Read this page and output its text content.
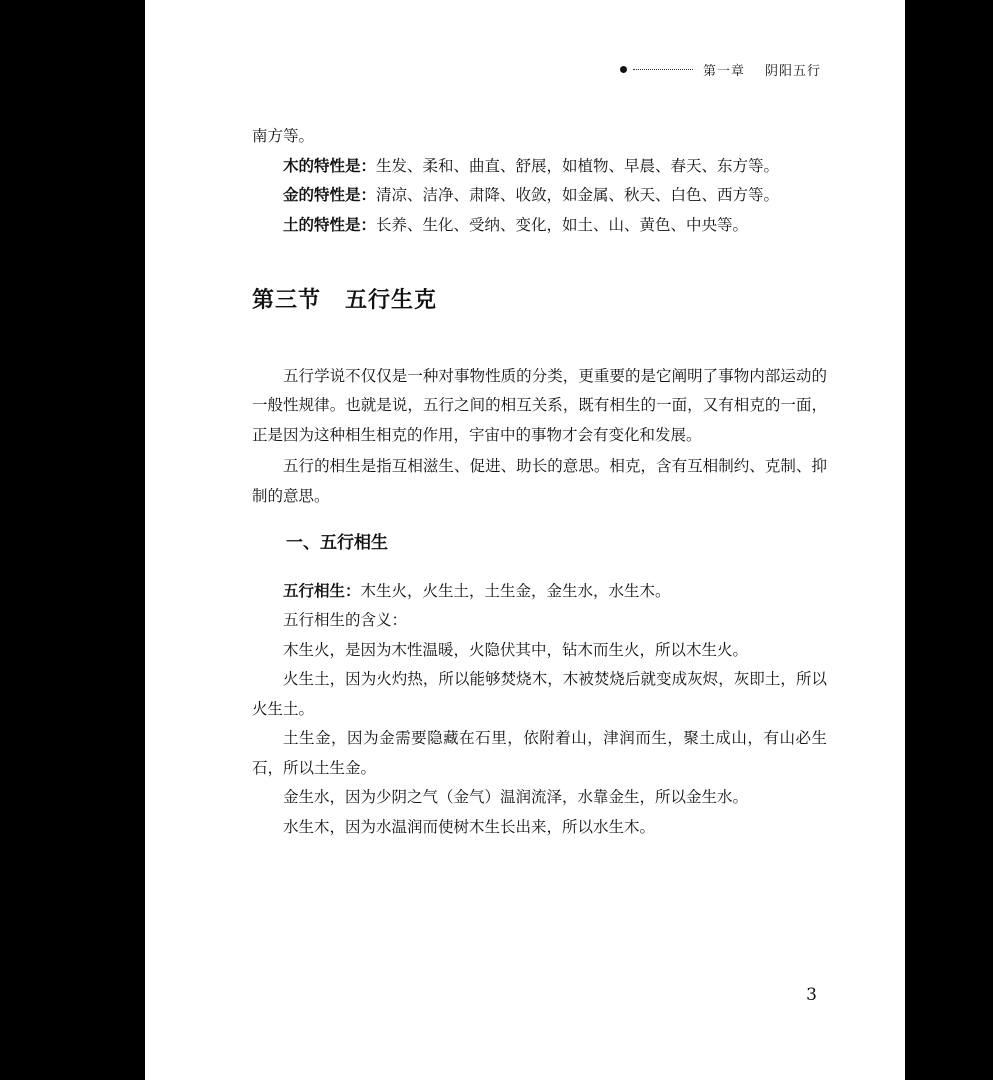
第一章 阴阳五行

南方等。

木的特性是：生发、柔和、曲直、舒展，如植物、早晨、春天、东方等。

金的特性是：清凉、洁净、肃降、收敛，如金属、秋天、白色、西方等。

土的特性是：长养、生化、受纳、变化，如土、山、黄色、中央等。

第三节 五行生克

五行学说不仅仅是一种对事物性质的分类，更重要的是它阐明了事物内部运动的一般性规律。也就是说，五行之间的相互关系，既有相生的一面，又有相克的一面，正是因为这种相生相克的作用，宇宙中的事物才会有变化和发展。

五行的相生是指互相滋生、促进、助长的意思。相克，含有互相制约、克制、抑制的意思。

一、五行相生

五行相生：木生火，火生土，土生金，金生水，水生木。

五行相生的含义：

木生火，是因为木性温暖，火隐伏其中，钻木而生火，所以木生火。

火生土，因为火灼热，所以能够焚烧木，木被焚烧后就变成灰烬，灰即土，所以火生土。

土生金，因为金需要隐藏在石里，依附着山，津润而生，聚土成山，有山必生石，所以土生金。

金生水，因为少阴之气（金气）温润流泽，水靠金生，所以金生水。

水生木，因为水温润而使树木生长出来，所以水生木。

3
